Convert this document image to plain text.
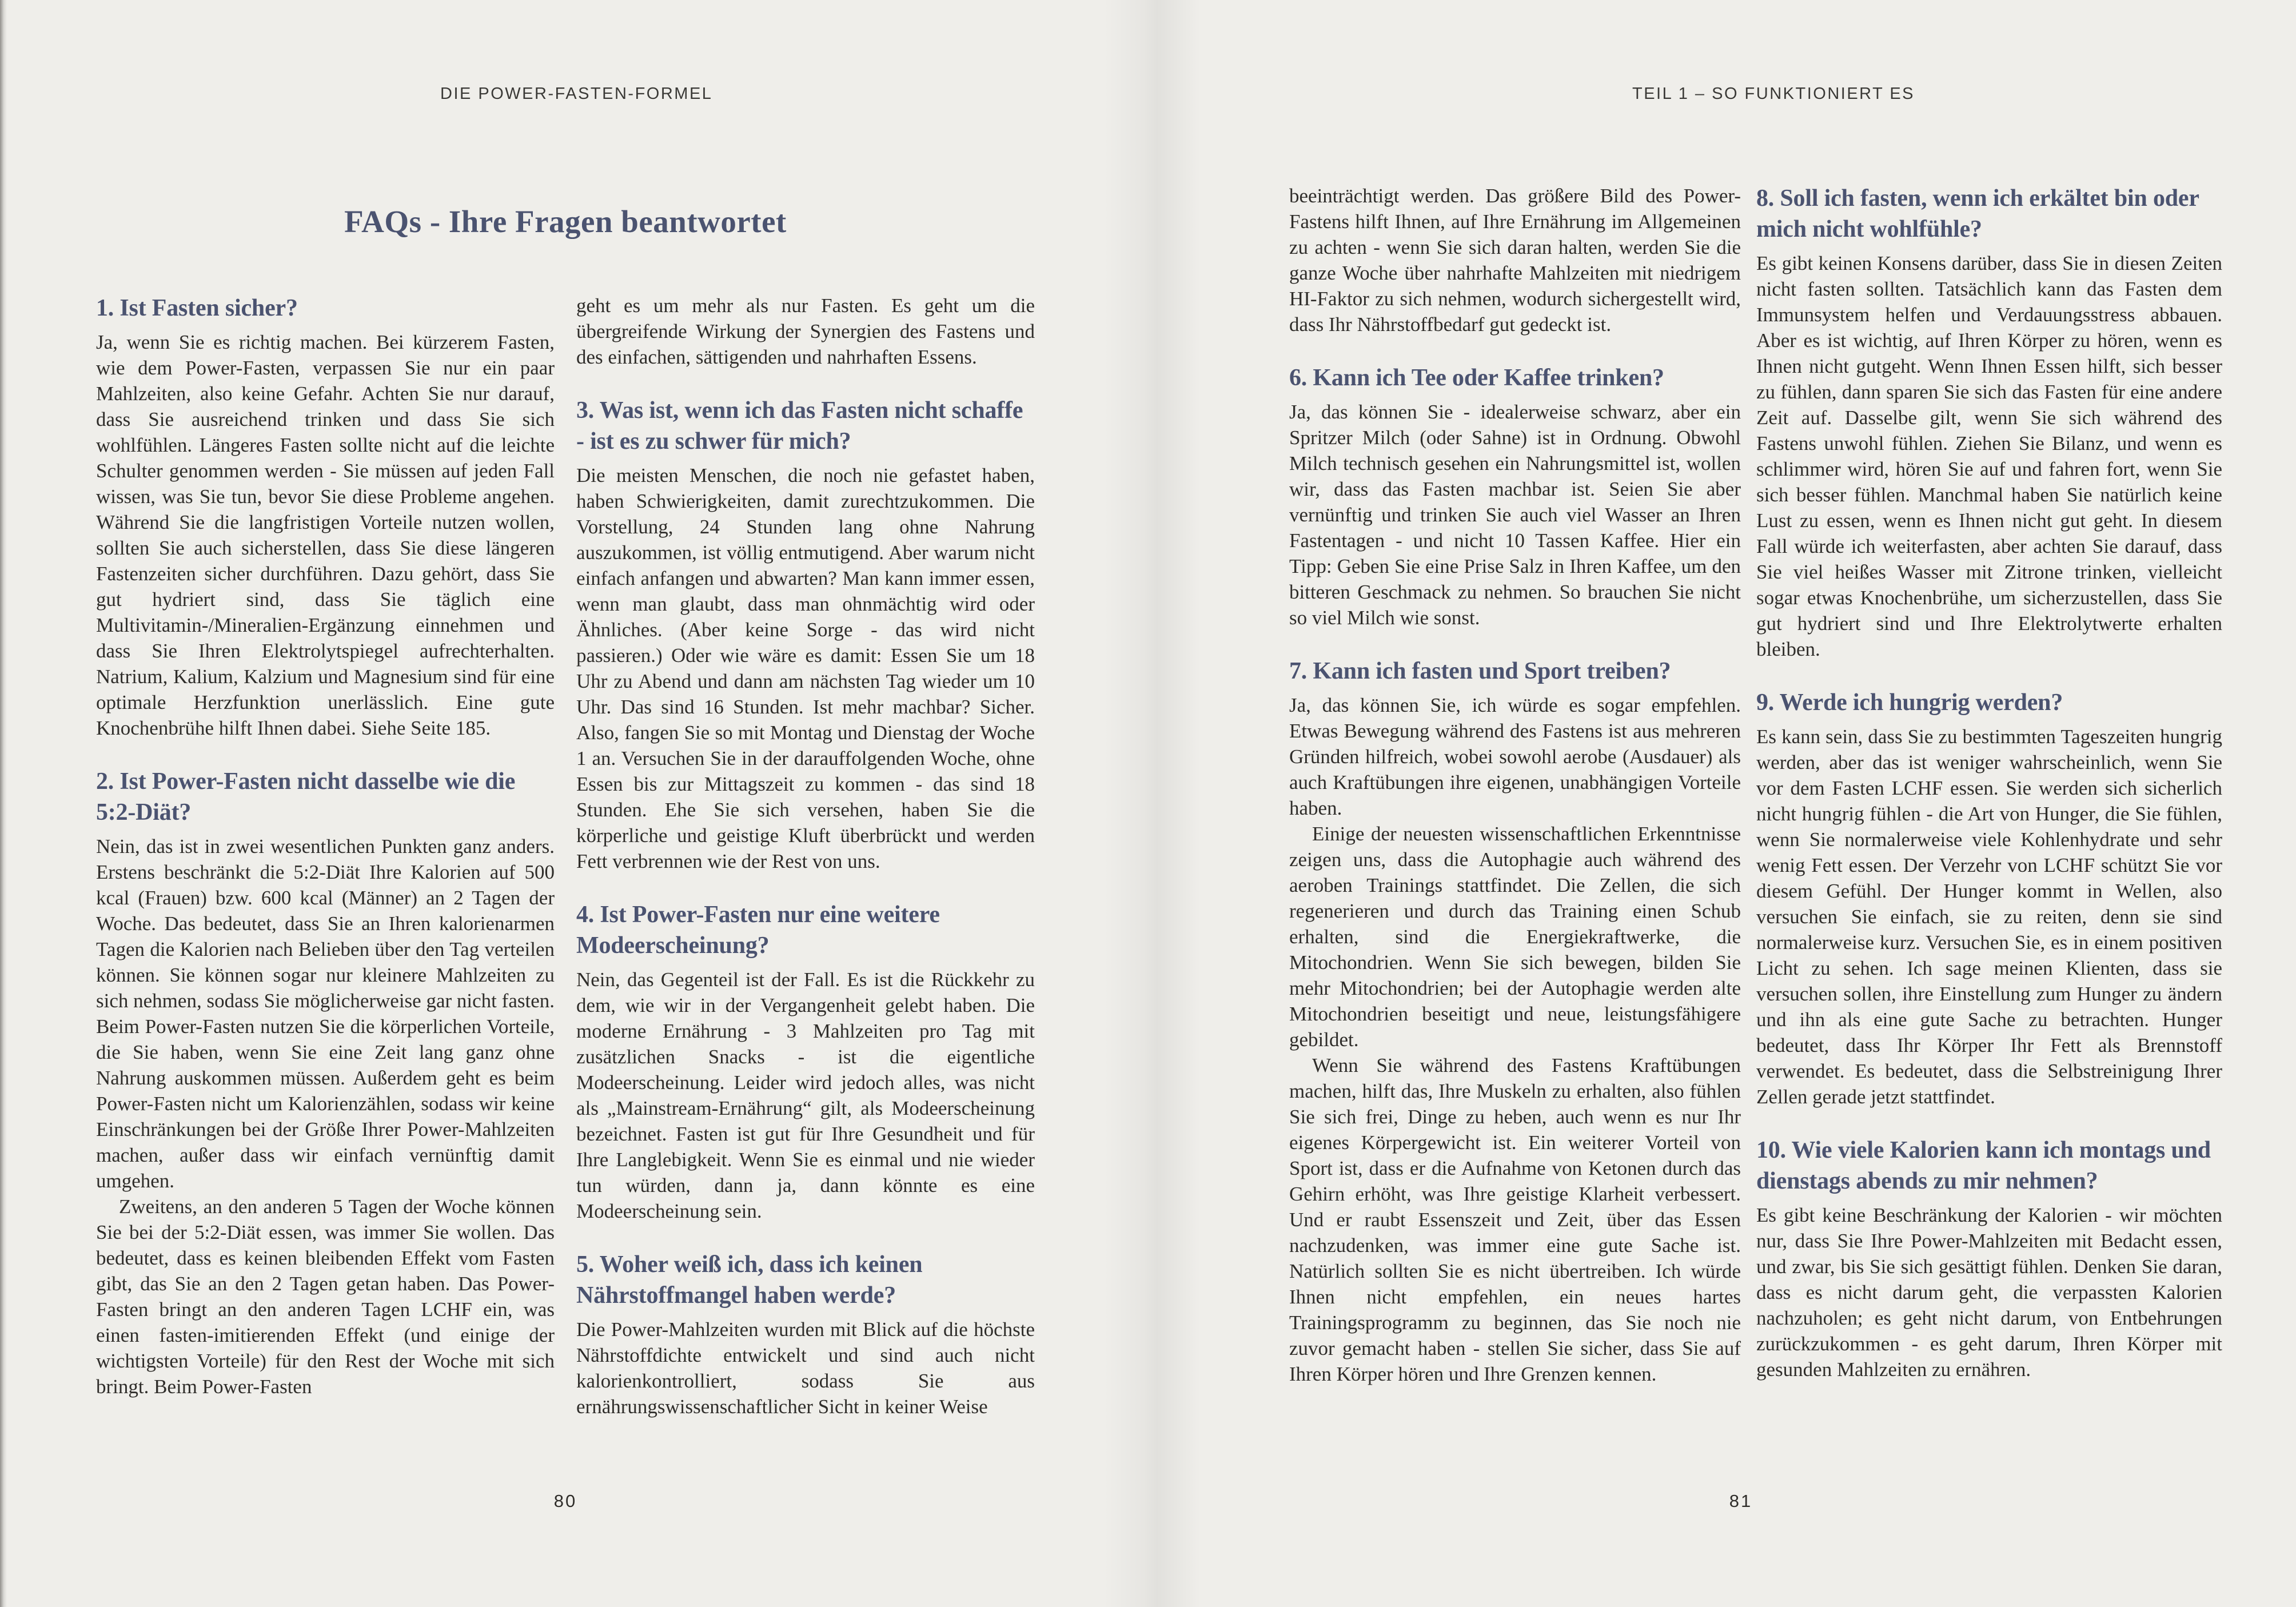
DIE POWER-FASTEN-FORMEL	TEIL 1 – SO FUNKTIONIERT ES
FAQs - Ihre Fragen beantwortet
1. Ist Fasten sicher?

Ja, wenn Sie es richtig machen. Bei kürzerem Fasten, wie dem Power-Fasten, verpassen Sie nur ein paar Mahlzeiten, also keine Gefahr. Achten Sie nur darauf, dass Sie ausreichend trinken und dass Sie sich wohlfühlen. Längeres Fasten sollte nicht auf die leichte Schulter genommen werden - Sie müssen auf jeden Fall wissen, was Sie tun, bevor Sie diese Probleme angehen. Während Sie die langfristigen Vorteile nutzen wollen, sollten Sie auch sicherstellen, dass Sie diese längeren Fastenzeiten sicher durchführen. Dazu gehört, dass Sie gut hydriert sind, dass Sie täglich eine Multivitamin-/Mineralien-Ergänzung einnehmen und dass Sie Ihren Elektrolytspiegel aufrechterhalten. Natrium, Kalium, Kalzium und Magnesium sind für eine optimale Herzfunktion unerlässlich. Eine gute Knochenbrühe hilft Ihnen dabei. Siehe Seite 185.

2. Ist Power-Fasten nicht dasselbe wie die 5:2-Diät?

Nein, das ist in zwei wesentlichen Punkten ganz anders. Erstens beschränkt die 5:2-Diät Ihre Kalorien auf 500 kcal (Frauen) bzw. 600 kcal (Männer) an 2 Tagen der Woche. Das bedeutet, dass Sie an Ihren kalorienarmen Tagen die Kalorien nach Belieben über den Tag verteilen können. Sie können sogar nur kleinere Mahlzeiten zu sich nehmen, sodass Sie möglicherweise gar nicht fasten. Beim Power-Fasten nutzen Sie die körperlichen Vorteile, die Sie haben, wenn Sie eine Zeit lang ganz ohne Nahrung auskommen müssen. Außerdem geht es beim Power-Fasten nicht um Kalorienzählen, sodass wir keine Einschränkungen bei der Größe Ihrer Power-Mahlzeiten machen, außer dass wir einfach vernünftig damit umgehen.

Zweitens, an den anderen 5 Tagen der Woche können Sie bei der 5:2-Diät essen, was immer Sie wollen. Das bedeutet, dass es keinen bleibenden Effekt vom Fasten gibt, das Sie an den 2 Tagen getan haben. Das Power-Fasten bringt an den anderen Tagen LCHF ein, was einen fasten-imitierenden Effekt (und einige der wichtigsten Vorteile) für den Rest der Woche mit sich bringt. Beim Power-Fasten

geht es um mehr als nur Fasten. Es geht um die übergreifende Wirkung der Synergien des Fastens und des einfachen, sättigenden und nahrhaften Essens.

3. Was ist, wenn ich das Fasten nicht schaffe - ist es zu schwer für mich?

Die meisten Menschen, die noch nie gefastet haben, haben Schwierigkeiten, damit zurechtzukommen. Die Vorstellung, 24 Stunden lang ohne Nahrung auszukommen, ist völlig entmutigend. Aber warum nicht einfach anfangen und abwarten? Man kann immer essen, wenn man glaubt, dass man ohnmächtig wird oder Ähnliches. (Aber keine Sorge - das wird nicht passieren.) Oder wie wäre es damit: Essen Sie um 18 Uhr zu Abend und dann am nächsten Tag wieder um 10 Uhr. Das sind 16 Stunden. Ist mehr machbar? Sicher. Also, fangen Sie so mit Montag und Dienstag der Woche 1 an. Versuchen Sie in der darauffolgenden Woche, ohne Essen bis zur Mittagszeit zu kommen - das sind 18 Stunden. Ehe Sie sich versehen, haben Sie die körperliche und geistige Kluft überbrückt und werden Fett verbrennen wie der Rest von uns.

4. Ist Power-Fasten nur eine weitere Modeerscheinung?

Nein, das Gegenteil ist der Fall. Es ist die Rückkehr zu dem, wie wir in der Vergangenheit gelebt haben. Die moderne Ernährung - 3 Mahlzeiten pro Tag mit zusätzlichen Snacks - ist die eigentliche Modeerscheinung. Leider wird jedoch alles, was nicht als „Mainstream-Ernährung“ gilt, als Modeerscheinung bezeichnet. Fasten ist gut für Ihre Gesundheit und für Ihre Langlebigkeit. Wenn Sie es einmal und nie wieder tun würden, dann ja, dann könnte es eine Modeerscheinung sein.

5. Woher weiß ich, dass ich keinen Nährstoffmangel haben werde?

Die Power-Mahlzeiten wurden mit Blick auf die höchste Nährstoffdichte entwickelt und sind auch nicht kalorienkontrolliert, sodass Sie aus ernährungswissenschaftlicher Sicht in keiner Weise

beeinträchtigt werden. Das größere Bild des Power-Fastens hilft Ihnen, auf Ihre Ernährung im Allgemeinen zu achten - wenn Sie sich daran halten, werden Sie die ganze Woche über nahrhafte Mahlzeiten mit niedrigem HI-Faktor zu sich nehmen, wodurch sichergestellt wird, dass Ihr Nährstoffbedarf gut gedeckt ist.

6. Kann ich Tee oder Kaffee trinken?

Ja, das können Sie - idealerweise schwarz, aber ein Spritzer Milch (oder Sahne) ist in Ordnung. Obwohl Milch technisch gesehen ein Nahrungsmittel ist, wollen wir, dass das Fasten machbar ist. Seien Sie aber vernünftig und trinken Sie auch viel Wasser an Ihren Fastentagen - und nicht 10 Tassen Kaffee. Hier ein Tipp: Geben Sie eine Prise Salz in Ihren Kaffee, um den bitteren Geschmack zu nehmen. So brauchen Sie nicht so viel Milch wie sonst.

7. Kann ich fasten und Sport treiben?

Ja, das können Sie, ich würde es sogar empfehlen. Etwas Bewegung während des Fastens ist aus mehreren Gründen hilfreich, wobei sowohl aerobe (Ausdauer) als auch Kraftübungen ihre eigenen, unabhängigen Vorteile haben.

Einige der neuesten wissenschaftlichen Erkenntnisse zeigen uns, dass die Autophagie auch während des aeroben Trainings stattfindet. Die Zellen, die sich regenerieren und durch das Training einen Schub erhalten, sind die Energiekraftwerke, die Mitochondrien. Wenn Sie sich bewegen, bilden Sie mehr Mitochondrien; bei der Autophagie werden alte Mitochondrien beseitigt und neue, leistungsfähigere gebildet.

Wenn Sie während des Fastens Kraftübungen machen, hilft das, Ihre Muskeln zu erhalten, also fühlen Sie sich frei, Dinge zu heben, auch wenn es nur Ihr eigenes Körpergewicht ist. Ein weiterer Vorteil von Sport ist, dass er die Aufnahme von Ketonen durch das Gehirn erhöht, was Ihre geistige Klarheit verbessert. Und er raubt Essenszeit und Zeit, über das Essen nachzudenken, was immer eine gute Sache ist. Natürlich sollten Sie es nicht übertreiben. Ich würde Ihnen nicht empfehlen, ein neues hartes Trainingsprogramm zu beginnen, das Sie noch nie zuvor gemacht haben - stellen Sie sicher, dass Sie auf Ihren Körper hören und Ihre Grenzen kennen.

8. Soll ich fasten, wenn ich erkältet bin oder mich nicht wohlfühle?

Es gibt keinen Konsens darüber, dass Sie in diesen Zeiten nicht fasten sollten. Tatsächlich kann das Fasten dem Immunsystem helfen und Verdauungsstress abbauen. Aber es ist wichtig, auf Ihren Körper zu hören, wenn es Ihnen nicht gutgeht. Wenn Ihnen Essen hilft, sich besser zu fühlen, dann sparen Sie sich das Fasten für eine andere Zeit auf. Dasselbe gilt, wenn Sie sich während des Fastens unwohl fühlen. Ziehen Sie Bilanz, und wenn es schlimmer wird, hören Sie auf und fahren fort, wenn Sie sich besser fühlen. Manchmal haben Sie natürlich keine Lust zu essen, wenn es Ihnen nicht gut geht. In diesem Fall würde ich weiterfasten, aber achten Sie darauf, dass Sie viel heißes Wasser mit Zitrone trinken, vielleicht sogar etwas Knochenbrühe, um sicherzustellen, dass Sie gut hydriert sind und Ihre Elektrolytwerte erhalten bleiben.

9. Werde ich hungrig werden?

Es kann sein, dass Sie zu bestimmten Tageszeiten hungrig werden, aber das ist weniger wahrscheinlich, wenn Sie vor dem Fasten LCHF essen. Sie werden sich sicherlich nicht hungrig fühlen - die Art von Hunger, die Sie fühlen, wenn Sie normalerweise viele Kohlenhydrate und sehr wenig Fett essen. Der Verzehr von LCHF schützt Sie vor diesem Gefühl. Der Hunger kommt in Wellen, also versuchen Sie einfach, sie zu reiten, denn sie sind normalerweise kurz. Versuchen Sie, es in einem positiven Licht zu sehen. Ich sage meinen Klienten, dass sie versuchen sollen, ihre Einstellung zum Hunger zu ändern und ihn als eine gute Sache zu betrachten. Hunger bedeutet, dass Ihr Körper Ihr Fett als Brennstoff verwendet. Es bedeutet, dass die Selbstreinigung Ihrer Zellen gerade jetzt stattfindet.

10. Wie viele Kalorien kann ich montags und dienstags abends zu mir nehmen?

Es gibt keine Beschränkung der Kalorien - wir möchten nur, dass Sie Ihre Power-Mahlzeiten mit Bedacht essen, und zwar, bis Sie sich gesättigt fühlen. Denken Sie daran, dass es nicht darum geht, die verpassten Kalorien nachzuholen; es geht nicht darum, von Entbehrungen zurückzukommen - es geht darum, Ihren Körper mit gesunden Mahlzeiten zu ernähren.

80	81
